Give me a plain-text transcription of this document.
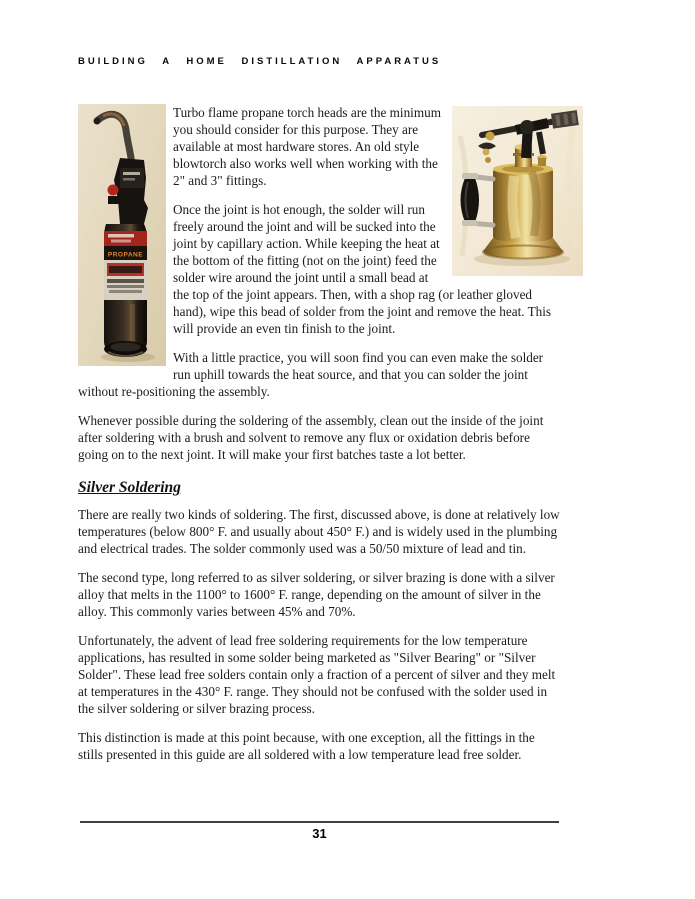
BUILDING A HOME DISTILLATION APPARATUS
PROPANE

Turbo flame propane torch heads are the minimum you should consider for this purpose. They are available at most hardware stores. An old style blowtorch also works well when working with the 2" and 3" fittings.

Once the joint is hot enough, the solder will run freely around the joint and will be sucked into the joint by capillary action. While keeping the heat at the bottom of the fitting (not on the joint) feed the solder wire around the joint until a small bead at the top of the joint appears. Then, with a shop rag (or leather gloved hand), wipe this bead of solder from the joint and remove the heat. This will provide an even tin finish to the joint.

With a little practice, you will soon find you can even make the solder run uphill towards the heat source, and that you can solder the joint without re-positioning the assembly.

Whenever possible during the soldering of the assembly, clean out the inside of the joint after soldering with a brush and solvent to remove any flux or oxidation debris before going on to the next joint. It will make your first batches taste a lot better.

Silver Soldering

There are really two kinds of soldering. The first, discussed above, is done at relatively low temperatures (below 800° F. and usually about 450° F.) and is widely used in the plumbing and electrical trades. The solder commonly used was a 50/50 mixture of lead and tin.

The second type, long referred to as silver soldering, or silver brazing is done with a silver alloy that melts in the 1100° to 1600° F. range, depending on the amount of silver in the alloy. This commonly varies between 45% and 70%.

Unfortunately, the advent of lead free soldering requirements for the low temperature applications, has resulted in some solder being marketed as "Silver Bearing" or "Silver Solder". These lead free solders contain only a fraction of a percent of silver and they melt at temperatures in the 430° F. range. They should not be confused with the solder used in the silver soldering or silver brazing process.

This distinction is made at this point because, with one exception, all the fittings in the stills presented in this guide are all soldered with a low temperature lead free solder.

31
